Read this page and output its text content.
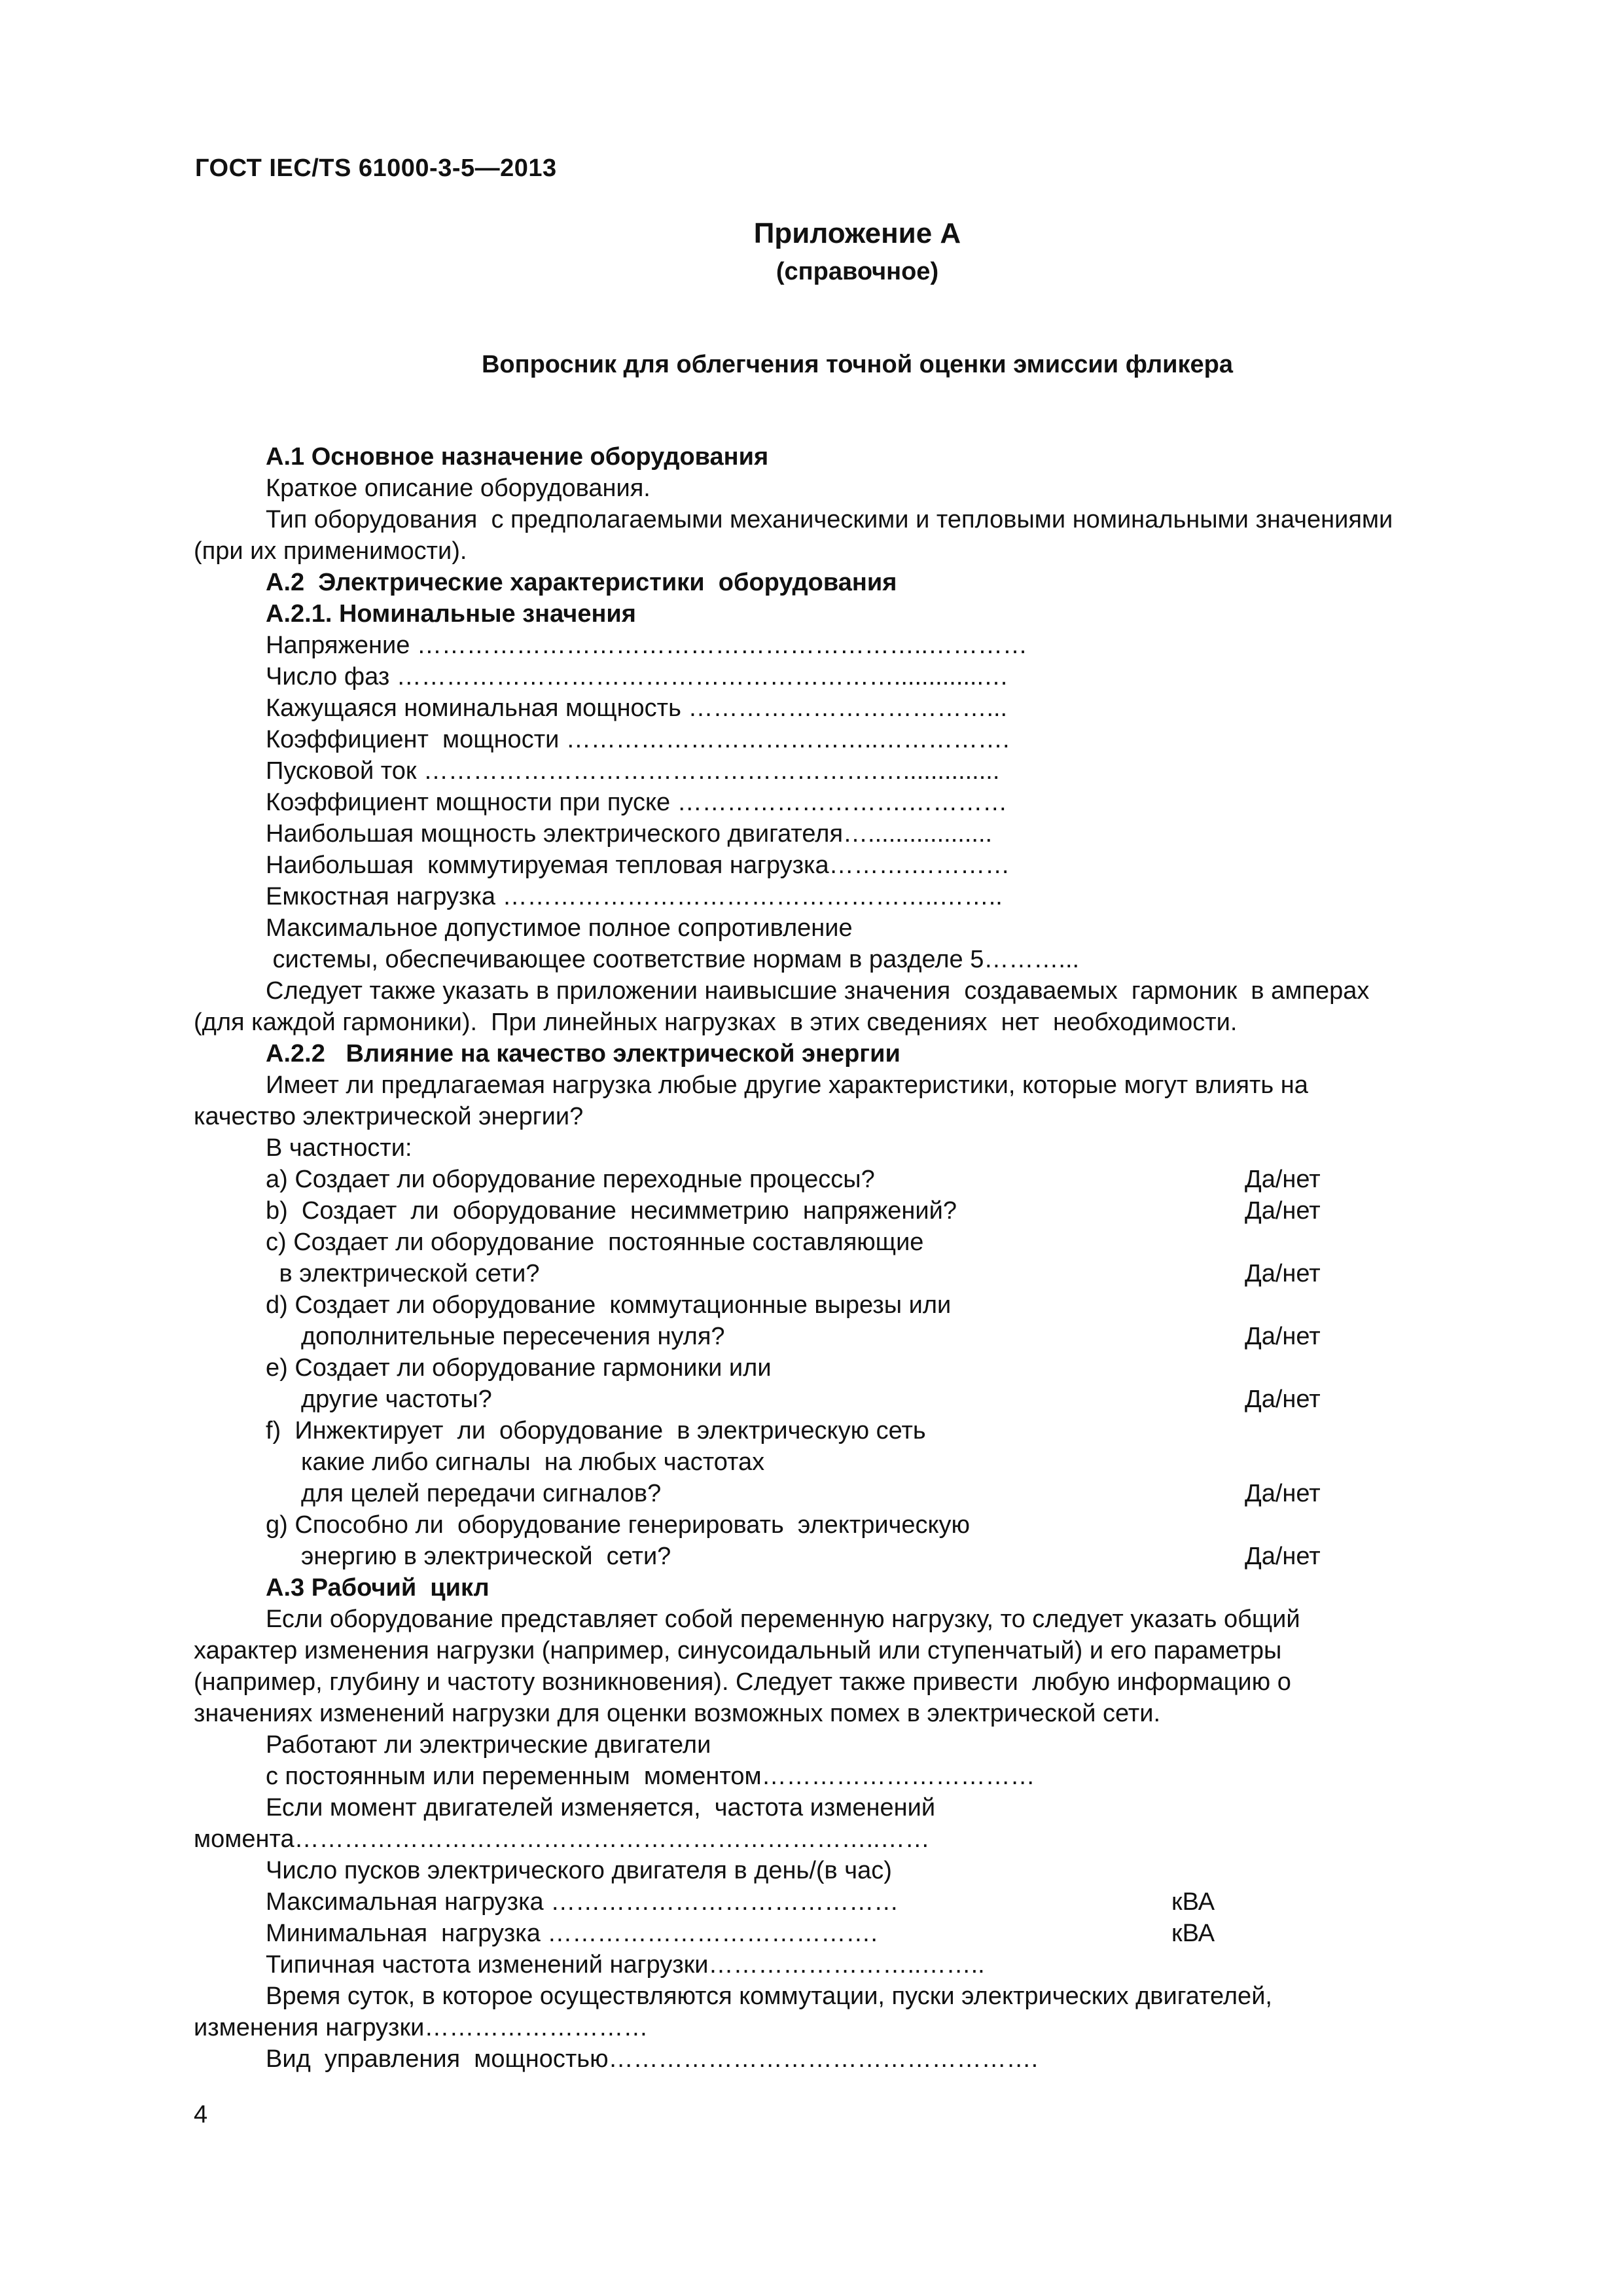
ГОСТ IEC/TS 61000-3-5—2013
Приложение А
(справочное)
Вопросник для облегчения точной оценки эмиссии фликера
А.1 Основное назначение оборудования
Краткое описание оборудования.
Тип оборудования  с предполагаемыми механическими и тепловыми номинальными значениями
(при их применимости).
А.2  Электрические характеристики  оборудования
А.2.1. Номинальные значения
Напряжение ……………………………………………………..…………
Число фаз …………………………………………………….............…
Кажущаяся номинальная мощность ………………………………...
Коэффициент  мощности ………………………………..…………….
Пусковой ток ……………………………………………….…..............
Коэффициент мощности при пуске ……………………….…………
Наибольшая мощность электрического двигателя…..................
Наибольшая  коммутируемая тепловая нагрузка……….…………
Емкостная нагрузка ……………………………………………..……..
Максимальное допустимое полное сопротивление
системы, обеспечивающее соответствие нормам в разделе 5………...
Следует также указать в приложении наивысшие значения  создаваемых  гармоник  в амперах
(для каждой гармоники).  При линейных нагрузках  в этих сведениях  нет  необходимости.
А.2.2   Влияние на качество электрической энергии
Имеет ли предлагаемая нагрузка любые другие характеристики, которые могут влиять на
качество электрической энергии?
В частности:
a) Создает ли оборудование переходные процессы?	Да/нет
b)  Создает  ли  оборудование  несимметрию  напряжений?	Да/нет
c) Создает ли оборудование  постоянные составляющие
в электрической сети?	Да/нет
d) Создает ли оборудование  коммутационные вырезы или
дополнительные пересечения нуля?	Да/нет
e) Создает ли оборудование гармоники или
другие частоты?	Да/нет
f)  Инжектирует  ли  оборудование  в электрическую сеть
какие либо сигналы  на любых частотах
для целей передачи сигналов?	Да/нет
g) Способно ли  оборудование генерировать  электрическую
энергию в электрической  сети?	Да/нет
А.3 Рабочий  цикл
Если оборудование представляет собой переменную нагрузку, то следует указать общий
характер изменения нагрузки (например, синусоидальный или ступенчатый) и его параметры
(например, глубину и частоту возникновения). Следует также привести  любую информацию о
значениях изменений нагрузки для оценки возможных помех в электрической сети.
Работают ли электрические двигатели
с постоянным или переменным  моментом……………………………
Если момент двигателей изменяется,  частота изменений
момента……………………………………………………………..……
Число пусков электрического двигателя в день/(в час)
Максимальная нагрузка ……………………………………	кВА
Минимальная  нагрузка ………………………………….	кВА
Типичная частота изменений нагрузки……………………..……..
Время суток, в которое осуществляются коммутации, пуски электрических двигателей,
изменения нагрузки………………………
Вид  управления  мощностью…………………………………………….
4
